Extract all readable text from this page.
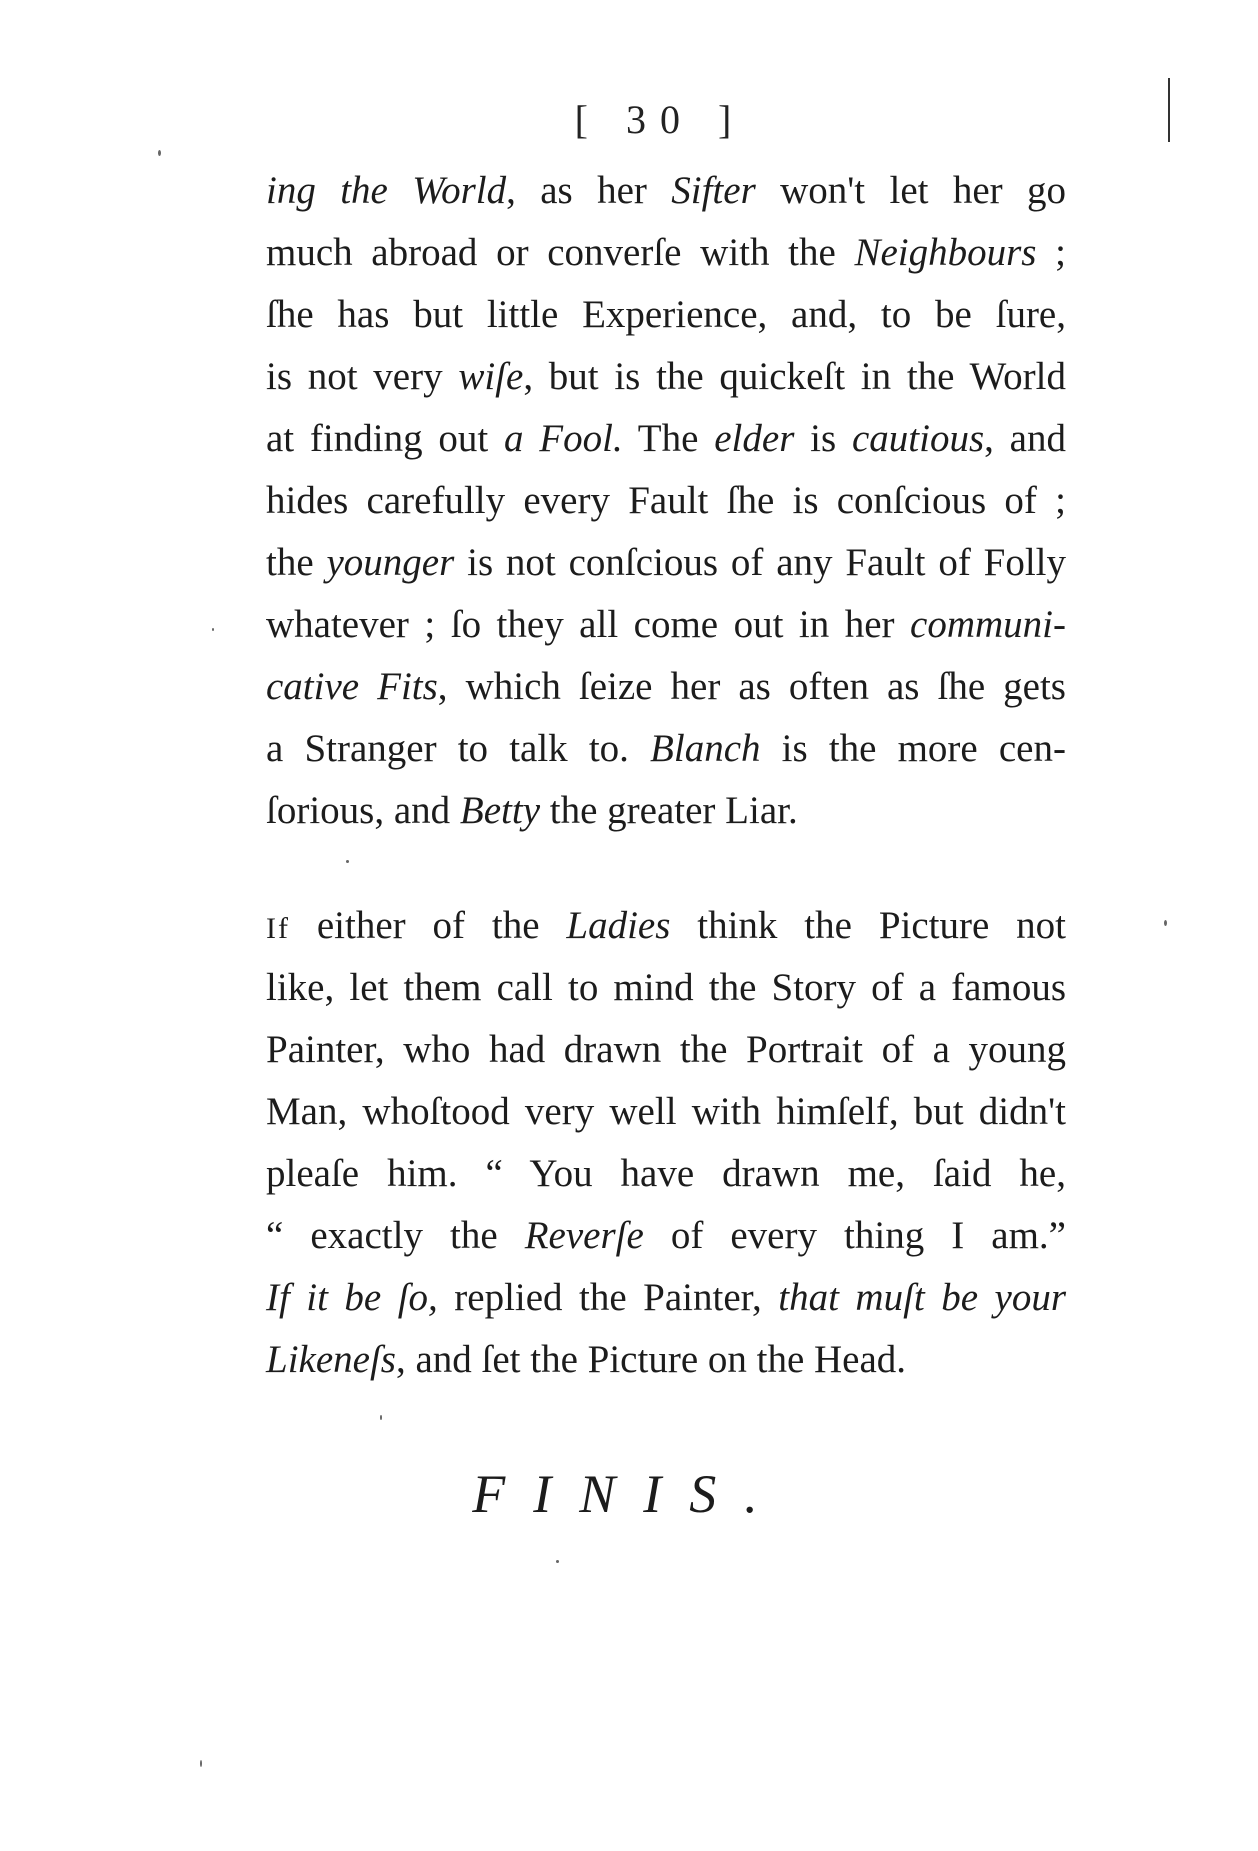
[ 30 ]
ing the World, as her Sifter won't let her go
much abroad or converſe with the Neighbours ;
ſhe has but little Experience, and, to be ſure,
is not very wiſe, but is the quickeſt in the World
at finding out a Fool. The elder is cautious, and
hides carefully every Fault ſhe is conſcious of ;
the younger is not conſcious of any Fault of Folly
whatever ; ſo they all come out in her communi-
cative Fits, which ſeize her as often as ſhe gets
a Stranger to talk to. Blanch is the more cen-
ſorious, and Betty the greater Liar.
If either of the Ladies think the Picture not
like, let them call to mind the Story of a famous
Painter, who had drawn the Portrait of a young
Man, whoſtood very well with himſelf, but didn't
pleaſe him. “ You have drawn me, ſaid he,
“ exactly the Reverſe of every thing I am.”
If it be ſo, replied the Painter, that muſt be your
Likeneſs, and ſet the Picture on the Head.
FINIS.
